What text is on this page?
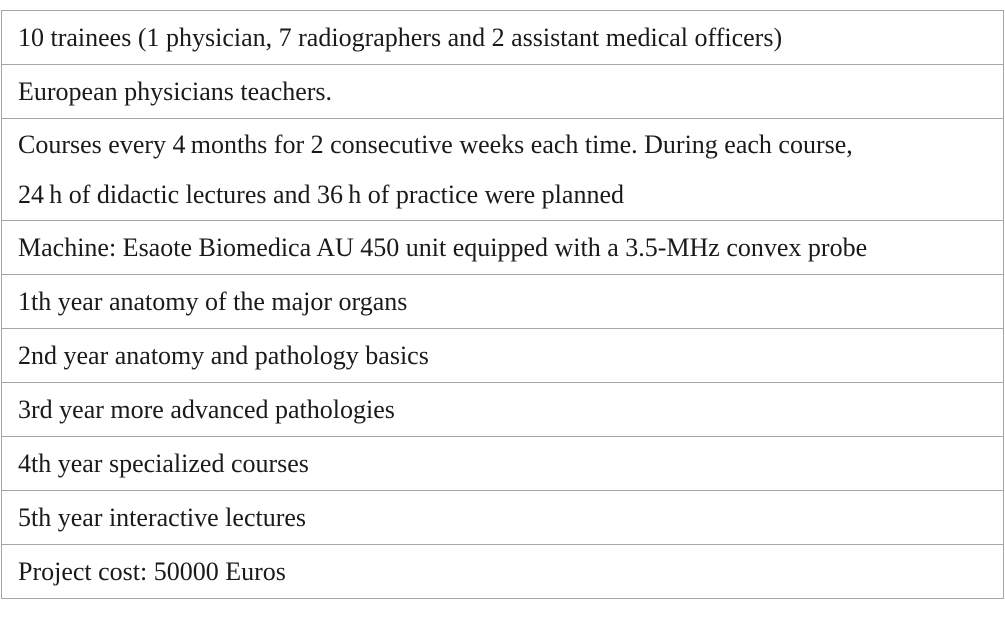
10 trainees (1 physician, 7 radiographers and 2 assistant medical officers)

European physicians teachers.

Courses every 4 months for 2 consecutive weeks each time. During each course,
24 h of didactic lectures and 36 h of practice were planned

Machine: Esaote Biomedica AU 450 unit equipped with a 3.5-MHz convex probe

1th year anatomy of the major organs

2nd year anatomy and pathology basics

3rd year more advanced pathologies

4th year specialized courses

5th year interactive lectures

Project cost: 50000 Euros
